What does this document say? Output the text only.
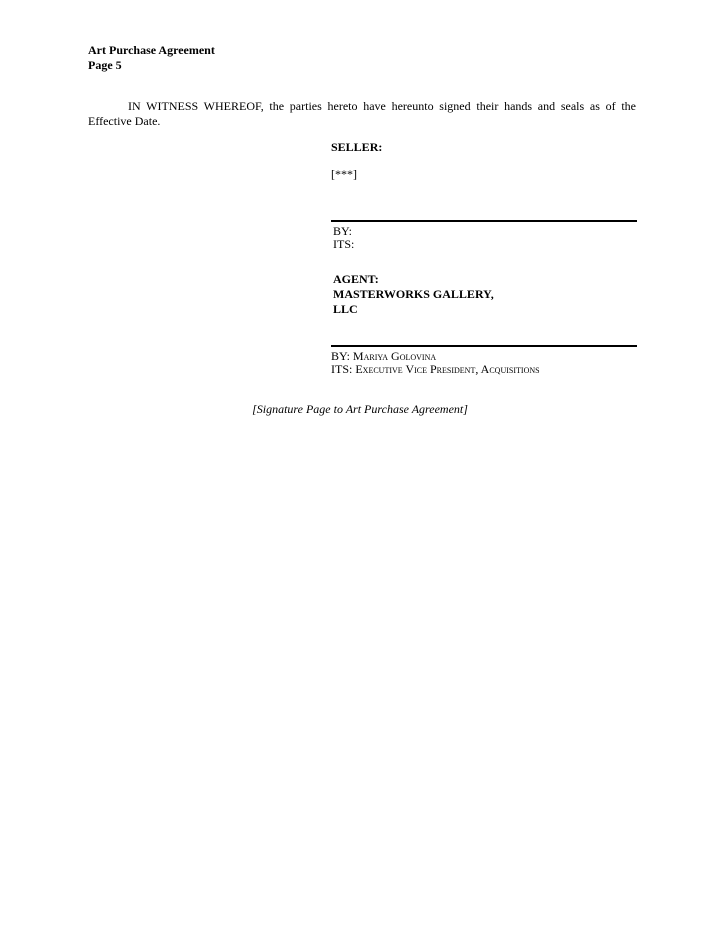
Art Purchase Agreement
Page 5
IN WITNESS WHEREOF, the parties hereto have hereunto signed their hands and seals as of the Effective Date.
SELLER:
[***]
BY:
ITS:
AGENT:
MASTERWORKS GALLERY,
LLC
BY: Mariya Golovina
ITS: Executive Vice President, Acquisitions
[Signature Page to Art Purchase Agreement]
